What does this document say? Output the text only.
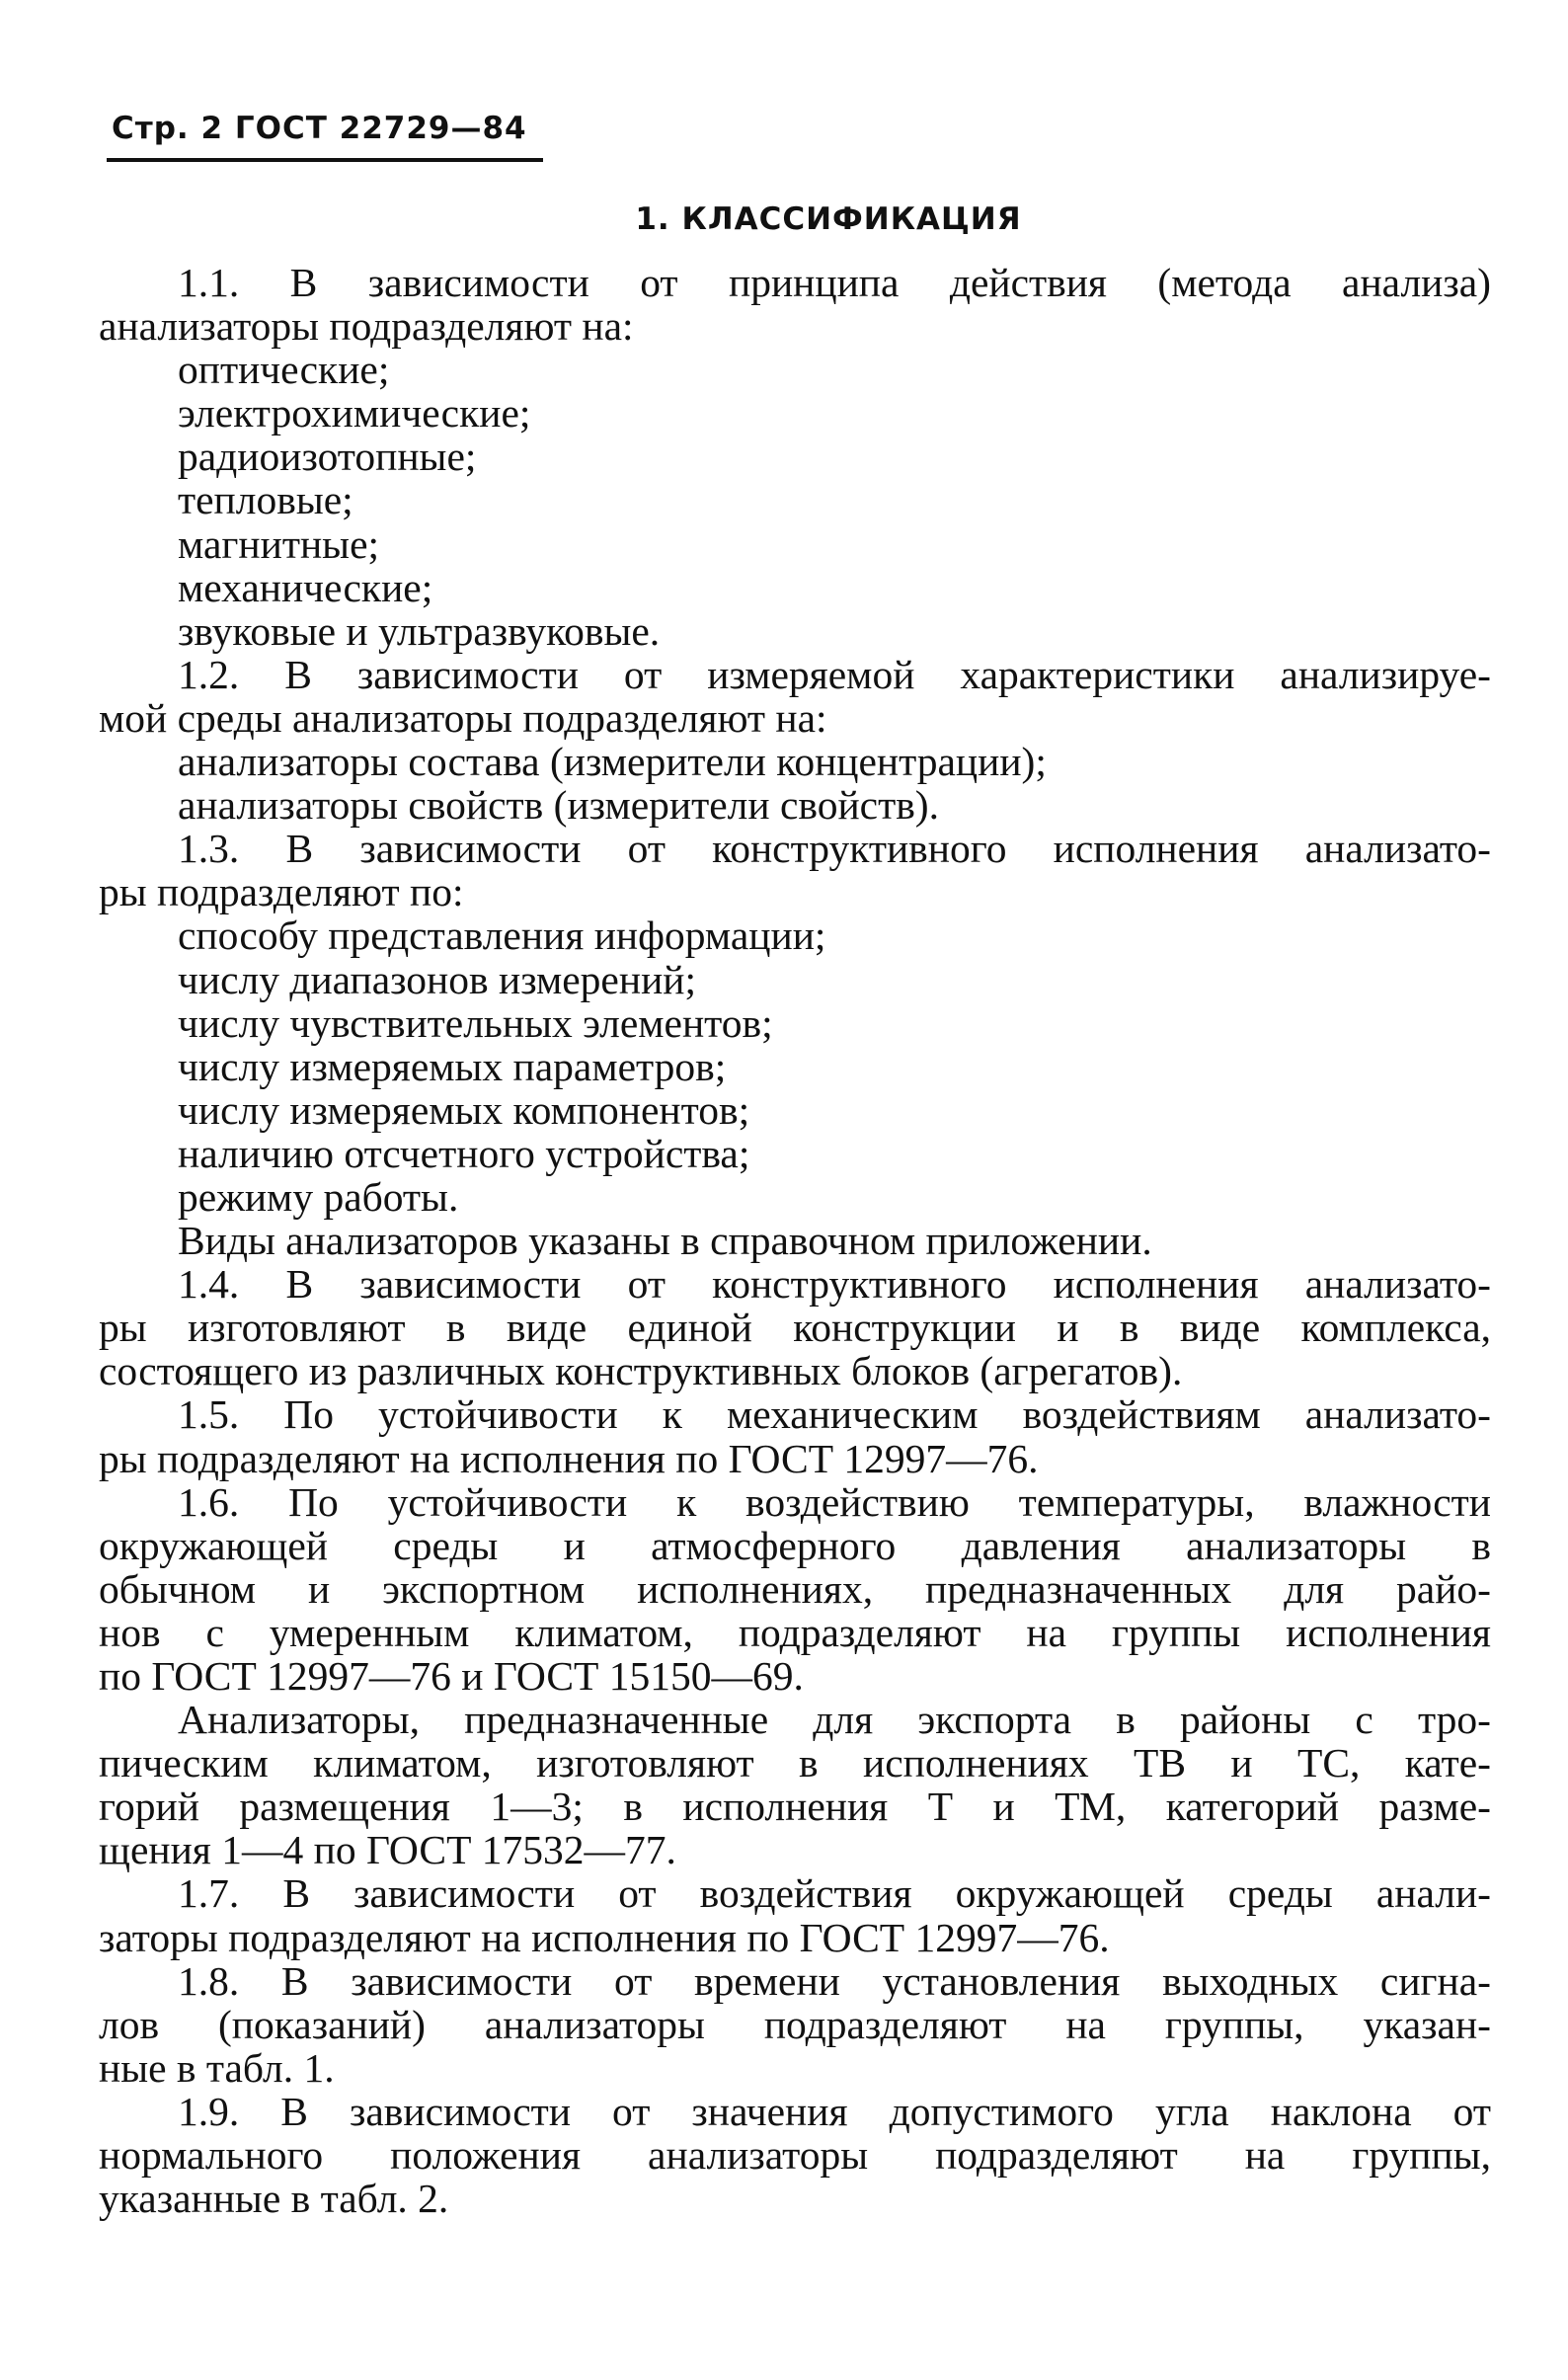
Стр. 2 ГОСТ 22729—84
1. КЛАССИФИКАЦИЯ
1.1. В зависимости от принципа действия (метода анализа)
анализаторы подразделяют на:
оптические;
электрохимические;
радиоизотопные;
тепловые;
магнитные;
механические;
звуковые и ультразвуковые.
1.2. В зависимости от измеряемой характеристики анализируе-
мой среды анализаторы подразделяют на:
анализаторы состава (измерители концентрации);
анализаторы свойств (измерители свойств).
1.3. В зависимости от конструктивного исполнения анализато-
ры подразделяют по:
способу представления информации;
числу диапазонов измерений;
числу чувствительных элементов;
числу измеряемых параметров;
числу измеряемых компонентов;
наличию отсчетного устройства;
режиму работы.
Виды анализаторов указаны в справочном приложении.
1.4. В зависимости от конструктивного исполнения анализато-
ры изготовляют в виде единой конструкции и в виде комплекса,
состоящего из различных конструктивных блоков (агрегатов).
1.5. По устойчивости к механическим воздействиям анализато-
ры подразделяют на исполнения по ГОСТ 12997—76.
1.6. По устойчивости к воздействию температуры, влажности
окружающей среды и атмосферного давления анализаторы в
обычном и экспортном исполнениях, предназначенных для райо-
нов с умеренным климатом, подразделяют на группы исполнения
по ГОСТ 12997—76 и ГОСТ 15150—69.
Анализаторы, предназначенные для экспорта в районы с тро-
пическим климатом, изготовляют в исполнениях ТВ и ТС, кате-
горий размещения 1—3; в исполнения Т и ТМ, категорий разме-
щения 1—4 по ГОСТ 17532—77.
1.7. В зависимости от воздействия окружающей среды анали-
заторы подразделяют на исполнения по ГОСТ 12997—76.
1.8. В зависимости от времени установления выходных сигна-
лов (показаний) анализаторы подразделяют на группы, указан-
ные в табл. 1.
1.9. В зависимости от значения допустимого угла наклона от
нормального положения анализаторы подразделяют на группы,
указанные в табл. 2.
